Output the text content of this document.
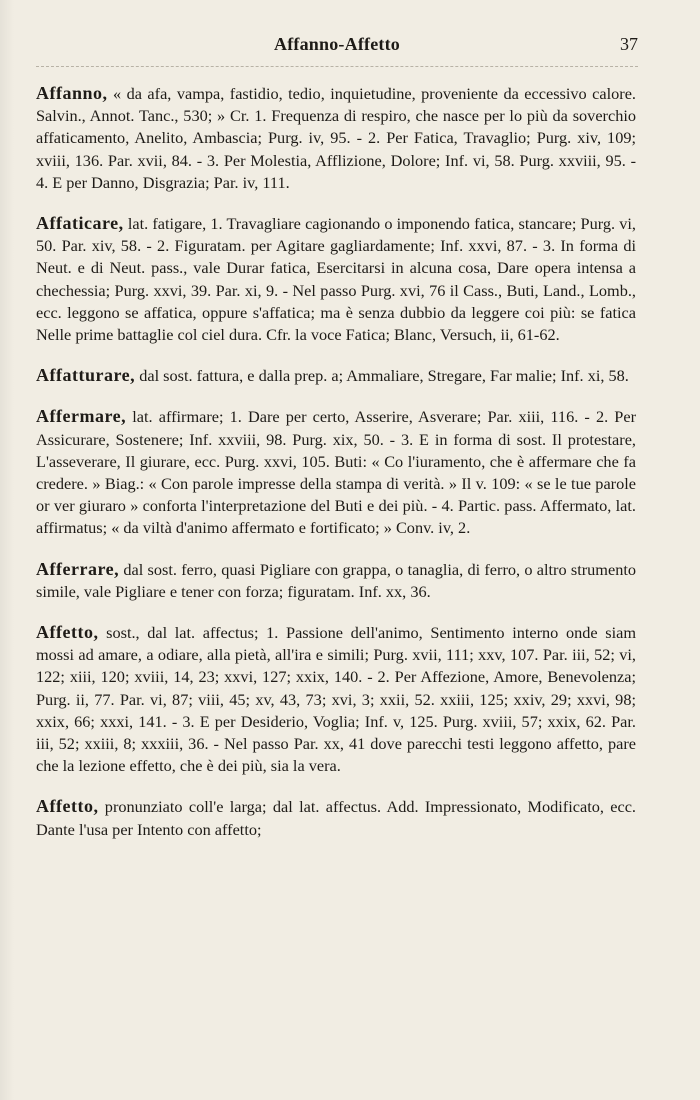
Affanno-Affetto	37

Affanno, « da afa, vampa, fastidio, tedio, inquietudine, proveniente da eccessivo calore. Salvin., Annot. Tanc., 530; » Cr. 1. Frequenza di respiro, che nasce per lo più da soverchio affaticamento, Anelito, Ambascia; Purg. iv, 95. - 2. Per Fatica, Travaglio; Purg. xiv, 109; xviii, 136. Par. xvii, 84. - 3. Per Molestia, Afflizione, Dolore; Inf. vi, 58. Purg. xxviii, 95. - 4. E per Danno, Disgrazia; Par. iv, 111.

Affaticare, lat. fatigare, 1. Travagliare cagionando o imponendo fatica, stancare; Purg. vi, 50. Par. xiv, 58. - 2. Figuratam. per Agitare gagliardamente; Inf. xxvi, 87. - 3. In forma di Neut. e di Neut. pass., vale Durar fatica, Esercitarsi in alcuna cosa, Dare opera intensa a chechessia; Purg. xxvi, 39. Par. xi, 9. - Nel passo Purg. xvi, 76 il Cass., Buti, Land., Lomb., ecc. leggono se affatica, oppure s'affatica; ma è senza dubbio da leggere coi più: se fatica Nelle prime battaglie col ciel dura. Cfr. la voce Fatica; Blanc, Versuch, ii, 61-62.

Affatturare, dal sost. fattura, e dalla prep. a; Ammaliare, Stregare, Far malie; Inf. xi, 58.

Affermare, lat. affirmare; 1. Dare per certo, Asserire, Asverare; Par. xiii, 116. - 2. Per Assicurare, Sostenere; Inf. xxviii, 98. Purg. xix, 50. - 3. E in forma di sost. Il protestare, L'asseverare, Il giurare, ecc. Purg. xxvi, 105. Buti: « Co l'iuramento, che è affermare che fa credere. » Biag.: « Con parole impresse della stampa di verità. » Il v. 109: « se le tue parole or ver giuraro » conforta l'interpretazione del Buti e dei più. - 4. Partic. pass. Affermato, lat. affirmatus; « da viltà d'animo affermato e fortificato; » Conv. iv, 2.

Afferrare, dal sost. ferro, quasi Pigliare con grappa, o tanaglia, di ferro, o altro strumento simile, vale Pigliare e tener con forza; figuratam. Inf. xx, 36.

Affetto, sost., dal lat. affectus; 1. Passione dell'animo, Sentimento interno onde siam mossi ad amare, a odiare, alla pietà, all'ira e simili; Purg. xvii, 111; xxv, 107. Par. iii, 52; vi, 122; xiii, 120; xviii, 14, 23; xxvi, 127; xxix, 140. - 2. Per Affezione, Amore, Benevolenza; Purg. ii, 77. Par. vi, 87; viii, 45; xv, 43, 73; xvi, 3; xxii, 52. xxiii, 125; xxiv, 29; xxvi, 98; xxix, 66; xxxi, 141. - 3. E per Desiderio, Voglia; Inf. v, 125. Purg. xviii, 57; xxix, 62. Par. iii, 52; xxiii, 8; xxxiii, 36. - Nel passo Par. xx, 41 dove parecchi testi leggono affetto, pare che la lezione effetto, che è dei più, sia la vera.

Affetto, pronunziato coll'e larga; dal lat. affectus. Add. Impressionato, Modificato, ecc. Dante l'usa per Intento con affetto;
